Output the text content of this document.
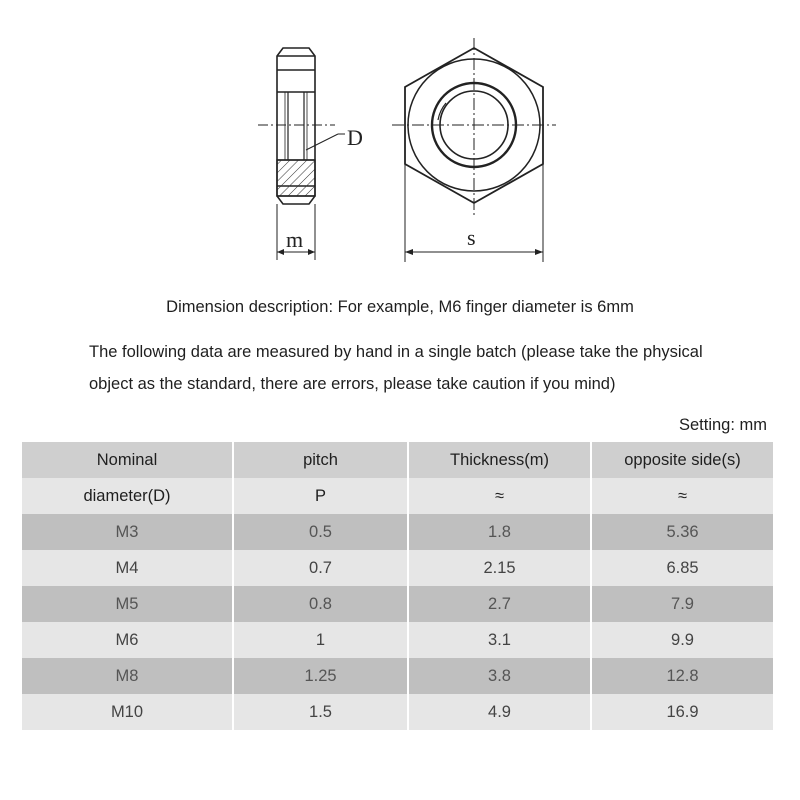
D
m	s
Dimension description: For example, M6 finger diameter is 6mm
The following data are measured by hand in a single batch (please take the physical object as the standard, there are errors, please take caution if you mind)
Setting: mm
Nominal	pitch	Thickness(m)	opposite side(s)
diameter(D)	P	≈	≈
M3	0.5	1.8	5.36
M4	0.7	2.15	6.85
M5	0.8	2.7	7.9
M6	1	3.1	9.9
M8	1.25	3.8	12.8
M10	1.5	4.9	16.9
